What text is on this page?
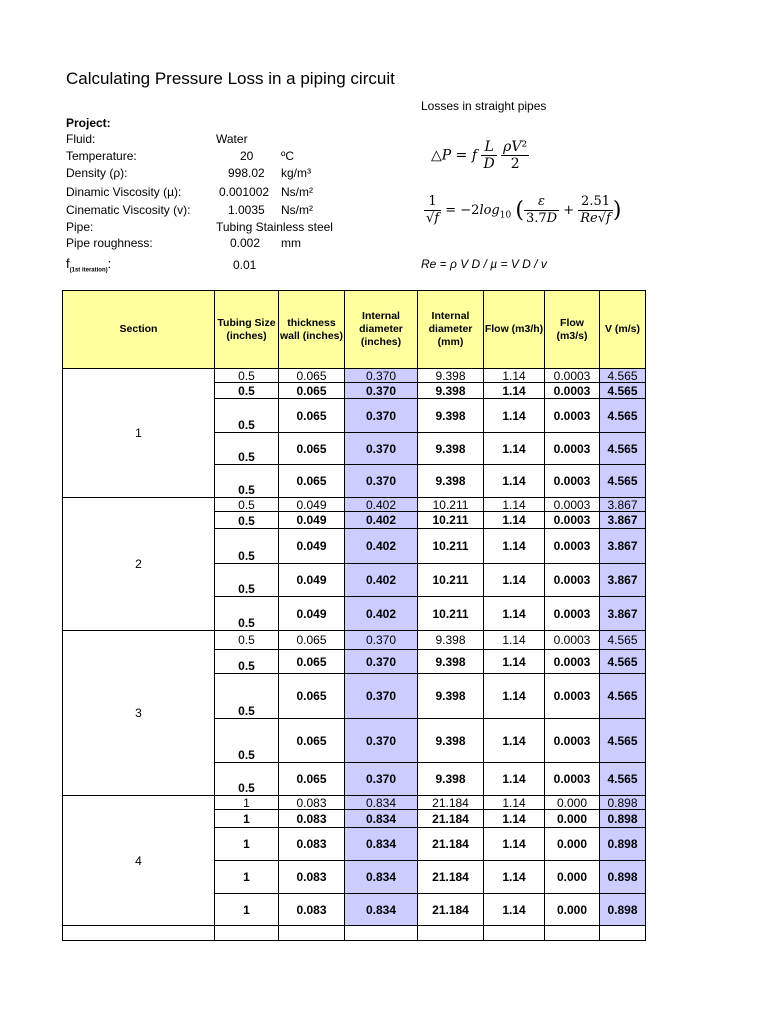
Calculating Pressure Loss in a piping circuit
Losses in straight pipes
Project:
Fluid:	Water
Temperature:	20 ºC
Density (ρ):	998.02 kg/m³
Dinamic Viscosity (µ):	0.001002 Ns/m²
Cinematic Viscosity (v):	1.0035 Ns/m²
Pipe:	Tubing Stainless steel
Pipe roughness:	0.002 mm
$f_{(1st iteration)}$:	0.01
△P = f $\frac{L}{D}$
$\frac{\text{ρV²}}{2}$
$\frac{1}{√f} = -2\log_{10}$ ( $\frac{\varepsilon}{3.7D} + \frac{2.51}{Re√f}$ )
Re = ρ V D / µ = V D / v
Section	Tubing Size (inches)	thickness wall (inches)	Internal diameter (inches)	Internal diameter (mm)	Flow (m3/h)	Flow (m3/s)	V (m/s)
1	0.5	0.065	0.370	9.398	1.14	0.0003	4.565
	0.5	0.065	0.370	9.398	1.14	0.0003	4.565
	0.5	0.065	0.370	9.398	1.14	0.0003	4.565
	0.5	0.065	0.370	9.398	1.14	0.0003	4.565
	0.5	0.065	0.370	9.398	1.14	0.0003	4.565
2	0.5	0.049	0.402	10.211	1.14	0.0003	3.867
	0.5	0.049	0.402	10.211	1.14	0.0003	3.867
	0.5	0.049	0.402	10.211	1.14	0.0003	3.867
	0.5	0.049	0.402	10.211	1.14	0.0003	3.867
	0.5	0.049	0.402	10.211	1.14	0.0003	3.867
3	0.5	0.065	0.370	9.398	1.14	0.0003	4.565
	0.5	0.065	0.370	9.398	1.14	0.0003	4.565
	0.5	0.065	0.370	9.398	1.14	0.0003	4.565
	0.5	0.065	0.370	9.398	1.14	0.0003	4.565
	0.5	0.065	0.370	9.398	1.14	0.0003	4.565
4	1	0.083	0.834	21.184	1.14	0.000	0.898
	1	0.083	0.834	21.184	1.14	0.000	0.898
	1	0.083	0.834	21.184	1.14	0.000	0.898
	1	0.083	0.834	21.184	1.14	0.000	0.898
	1	0.083	0.834	21.184	1.14	0.000	0.898
